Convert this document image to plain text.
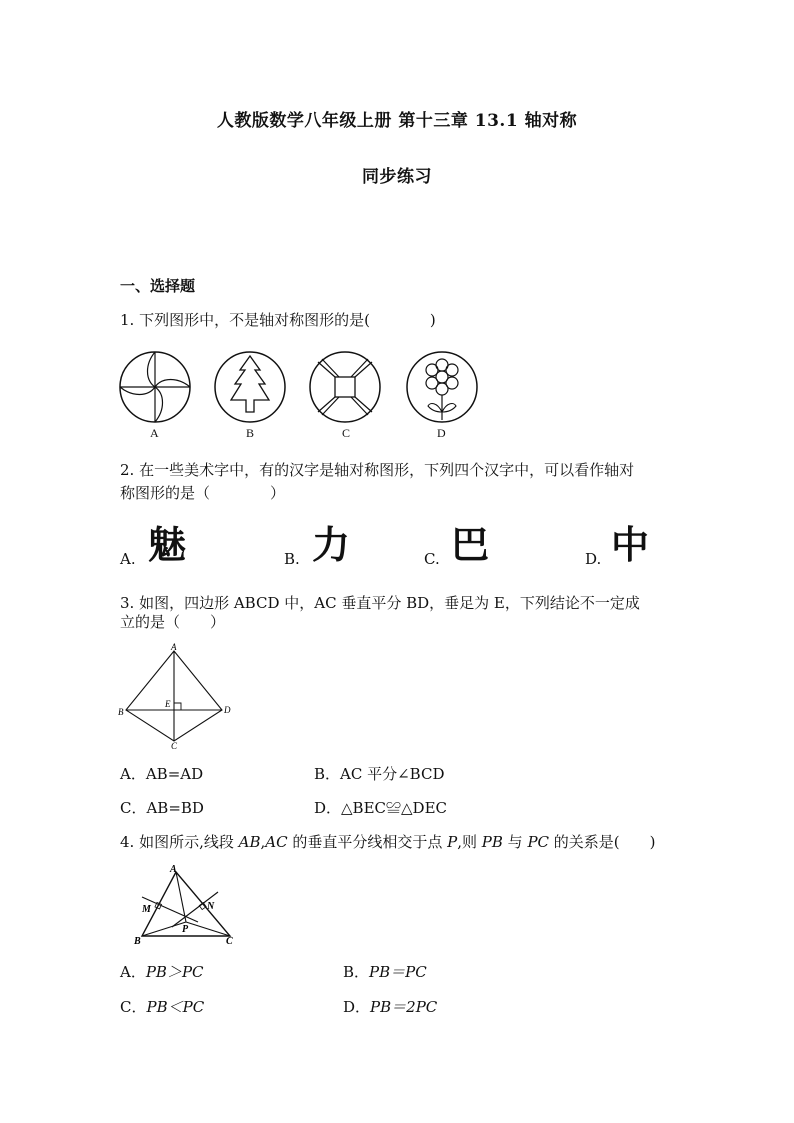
人教版数学八年级上册 第十三章 13.1 轴对称
同步练习
一、选择题
1. 下列图形中，不是轴对称图形的是(　　　　)
A	B	C	D
2. 在一些美术字中，有的汉字是轴对称图形，下列四个汉字中，可以看作轴对
称图形的是（　　　　）
A. 魅	B. 力	C. 巴	D. 中
3. 如图，四边形 ABCD 中，AC 垂直平分 BD，垂足为 E，下列结论不一定成
立的是（　　）
A
B
C
D
E
A．AB=AD	B．AC 平分∠BCD
C．AB=BD	D．△BEC≌△DEC
4. 如图所示,线段 AB,AC 的垂直平分线相交于点 P,则 PB 与 PC 的关系是(　　)
A
B	C
M	N
P
A．PB＞PC	B．PB＝PC
C．PB＜PC	D．PB＝2PC
